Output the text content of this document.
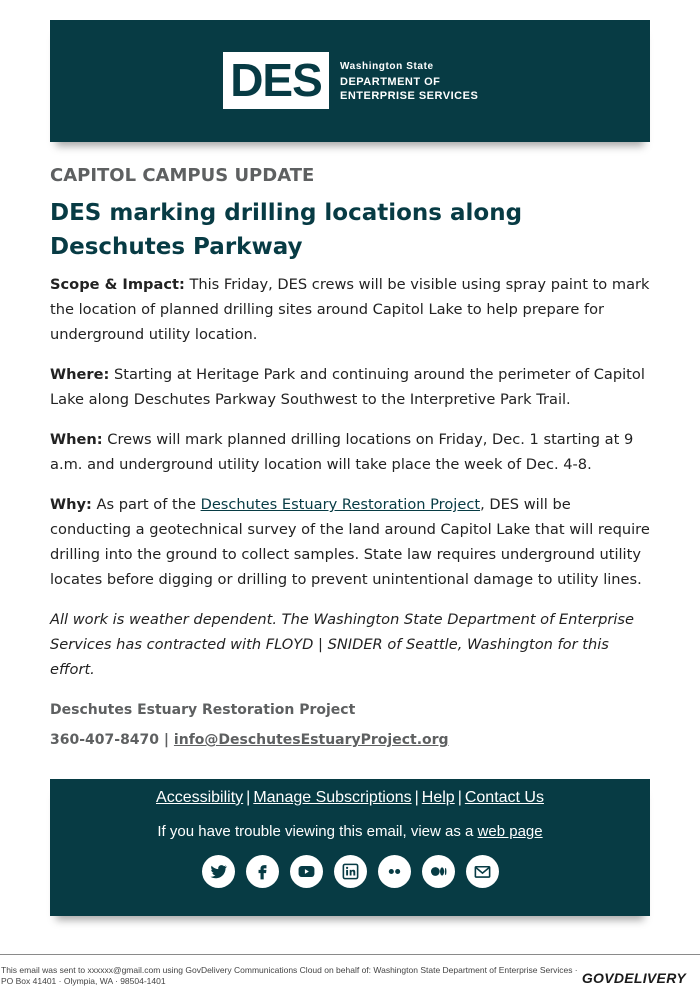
DES	Washington State
DEPARTMENT OF
ENTERPRISE SERVICES
CAPITOL CAMPUS UPDATE
DES marking drilling locations along Deschutes Parkway

Scope & Impact: This Friday, DES crews will be visible using spray paint to mark the location of planned drilling sites around Capitol Lake to help prepare for underground utility location.

Where: Starting at Heritage Park and continuing around the perimeter of Capitol Lake along Deschutes Parkway Southwest to the Interpretive Park Trail.

When: Crews will mark planned drilling locations on Friday, Dec. 1 starting at 9 a.m. and underground utility location will take place the week of Dec. 4-8.

Why: As part of the Deschutes Estuary Restoration Project, DES will be conducting a geotechnical survey of the land around Capitol Lake that will require drilling into the ground to collect samples. State law requires underground utility locates before digging or drilling to prevent unintentional damage to utility lines.

All work is weather dependent. The Washington State Department of Enterprise Services has contracted with FLOYD | SNIDER of Seattle, Washington for this effort.

Deschutes Estuary Restoration Project
360-407-8470 | info@DeschutesEstuaryProject.org
Accessibility | Manage Subscriptions | Help | Contact Us
If you have trouble viewing this email, view as a web page
This email was sent to xxxxxx@gmail.com using GovDelivery Communications Cloud on behalf of: Washington State Department of Enterprise Services · PO Box 41401 · Olympia, WA · 98504-1401	GOVDELIVERY
